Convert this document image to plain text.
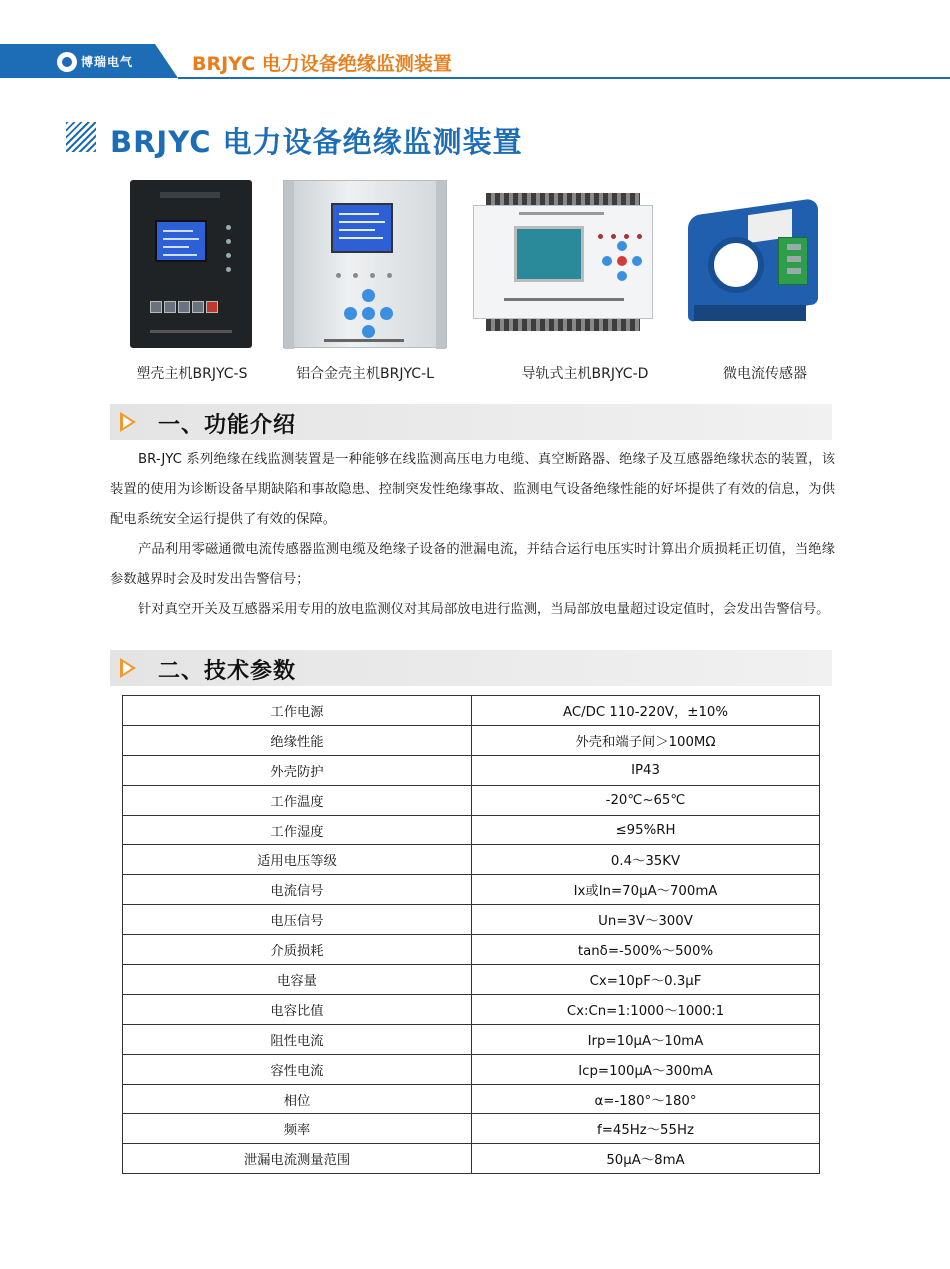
博瑞电气	BRJYC 电力设备绝缘监测装置
BRJYC 电力设备绝缘监测装置
塑壳主机BRJYC-S	铝合金壳主机BRJYC-L	导轨式主机BRJYC-D	微电流传感器
一、功能介绍
BR-JYC 系列绝缘在线监测装置是一种能够在线监测高压电力电缆、真空断路器、绝缘子及互感器绝缘状态的装置，该装置的使用为诊断设备早期缺陷和事故隐患、控制突发性绝缘事故、监测电气设备绝缘性能的好坏提供了有效的信息，为供配电系统安全运行提供了有效的保障。
产品利用零磁通微电流传感器监测电缆及绝缘子设备的泄漏电流，并结合运行电压实时计算出介质损耗正切值，当绝缘参数越界时会及时发出告警信号；
针对真空开关及互感器采用专用的放电监测仪对其局部放电进行监测，当局部放电量超过设定值时，会发出告警信号。
二、技术参数
工作电源	AC/DC 110-220V，±10%
绝缘性能	外壳和端子间＞100MΩ
外壳防护	IP43
工作温度	-20℃~65℃
工作湿度	≤95%RH
适用电压等级	0.4～35KV
电流信号	Ix或In=70μA～700mA
电压信号	Un=3V～300V
介质损耗	tanδ=-500%～500%
电容量	Cx=10pF～0.3μF
电容比值	Cx:Cn=1:1000～1000:1
阻性电流	Irp=10μA～10mA
容性电流	Icp=100μA～300mA
相位	α=-180°～180°
频率	f=45Hz～55Hz
泄漏电流测量范围	50μA～8mA
